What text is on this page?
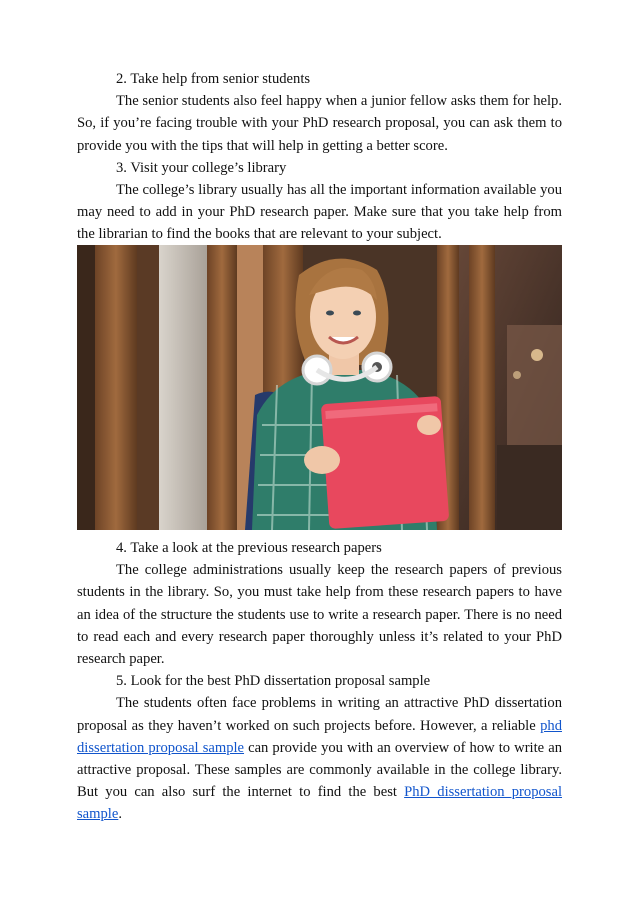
2. Take help from senior students

The senior students also feel happy when a junior fellow asks them for help. So, if you’re facing trouble with your PhD research proposal, you can ask them to provide you with the tips that will help in getting a better score.

3. Visit your college’s library

The college’s library usually has all the important information available you may need to add in your PhD research paper. Make sure that you take help from the librarian to find the books that are relevant to your subject.

4. Take a look at the previous research papers

The college administrations usually keep the research papers of previous students in the library. So, you must take help from these research papers to have an idea of the structure the students use to write a research paper. There is no need to read each and every research paper thoroughly unless it’s related to your PhD research paper.

5. Look for the best PhD dissertation proposal sample

The students often face problems in writing an attractive PhD dissertation proposal as they haven’t worked on such projects before. However, a reliable phd dissertation proposal sample can provide you with an overview of how to write an attractive proposal. These samples are commonly available in the college library. But you can also surf the internet to find the best PhD dissertation proposal sample.
